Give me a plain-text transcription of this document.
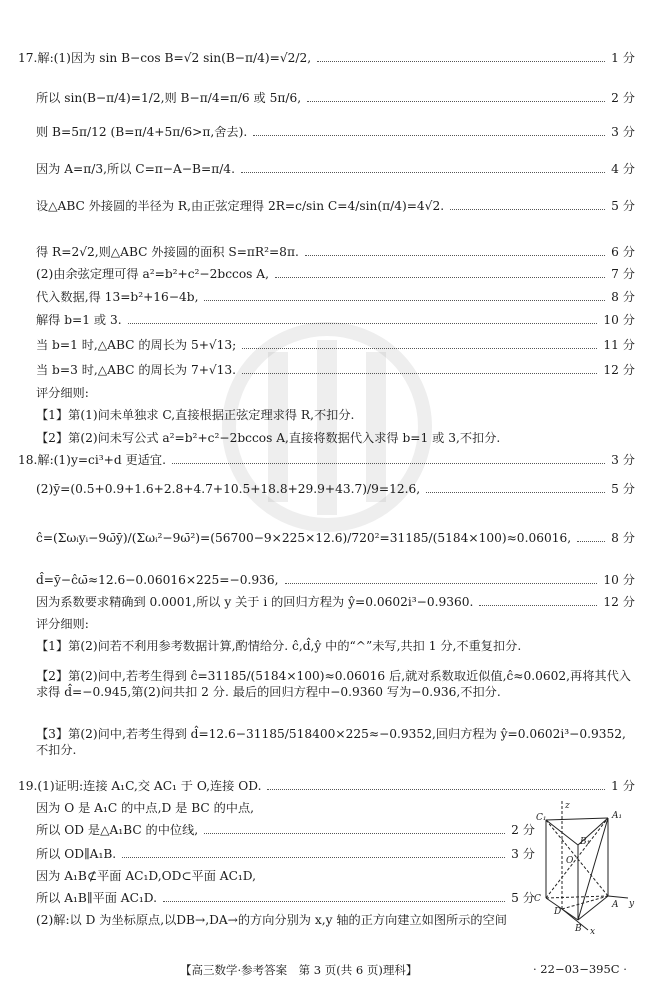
17.解:(1)因为 sin B−cos B=√2 sin(B−π/4)=√2/2,	1 分
所以 sin(B−π/4)=1/2,则 B−π/4=π/6 或 5π/6,	2 分
则 B=5π/12 (B=π/4+5π/6>π,舍去).	3 分
因为 A=π/3,所以 C=π−A−B=π/4.	4 分
设△ABC 外接圆的半径为 R,由正弦定理得 2R=c/sin C=4/sin(π/4)=4√2.	5 分
得 R=2√2,则△ABC 外接圆的面积 S=πR²=8π.	6 分
(2)由余弦定理可得 a²=b²+c²−2bccos A,	7 分
代入数据,得 13=b²+16−4b,	8 分
解得 b=1 或 3.	10 分
当 b=1 时,△ABC 的周长为 5+√13;	11 分
当 b=3 时,△ABC 的周长为 7+√13.	12 分
评分细则:
【1】第(1)问未单独求 C,直接根据正弦定理求得 R,不扣分.
【2】第(2)问未写公式 a²=b²+c²−2bccos A,直接将数据代入求得 b=1 或 3,不扣分.
18.解:(1)y=ci³+d 更适宜.	3 分
(2)ȳ=(0.5+0.9+1.6+2.8+4.7+10.5+18.8+29.9+43.7)/9=12.6,	5 分
ĉ=(Σωᵢyᵢ−9ω̄ȳ)/(Σωᵢ²−9ω̄²)=(56700−9×225×12.6)/720²=31185/(5184×100)≈0.06016,	8 分
d̂=ȳ−ĉω̄≈12.6−0.06016×225=−0.936,	10 分
因为系数要求精确到 0.0001,所以 y 关于 i 的回归方程为 ŷ=0.0602i³−0.9360.	12 分
评分细则:
【1】第(2)问若不利用参考数据计算,酌情给分. ĉ,d̂,ŷ 中的“^”未写,共扣 1 分,不重复扣分.
【2】第(2)问中,若考生得到 ĉ=31185/(5184×100)≈0.06016 后,就对系数取近似值,ĉ≈0.0602,再将其代入求得 d̂=−0.945,第(2)问共扣 2 分. 最后的回归方程中−0.9360 写为−0.936,不扣分.
【3】第(2)问中,若考生得到 d̂=12.6−31185/518400×225≈−0.9352,回归方程为 ŷ=0.0602i³−0.9352,不扣分.
19.(1)证明:连接 A₁C,交 AC₁ 于 O,连接 OD.	1 分
因为 O 是 A₁C 的中点,D 是 BC 的中点,
所以 OD 是△A₁BC 的中位线,	2 分
所以 OD∥A₁B.	3 分
因为 A₁B⊄平面 AC₁D,OD⊂平面 AC₁D,
所以 A₁B∥平面 AC₁D.	5 分
(2)解:以 D 为坐标原点,以DB→,DA→的方向分别为 x,y 轴的正方向建立如图所示的空间
C₁	A₁
B₁
O
C
D
A
B
y
x
z
【高三数学·参考答案　第 3 页(共 6 页)理科】	· 22−03−395C ·
